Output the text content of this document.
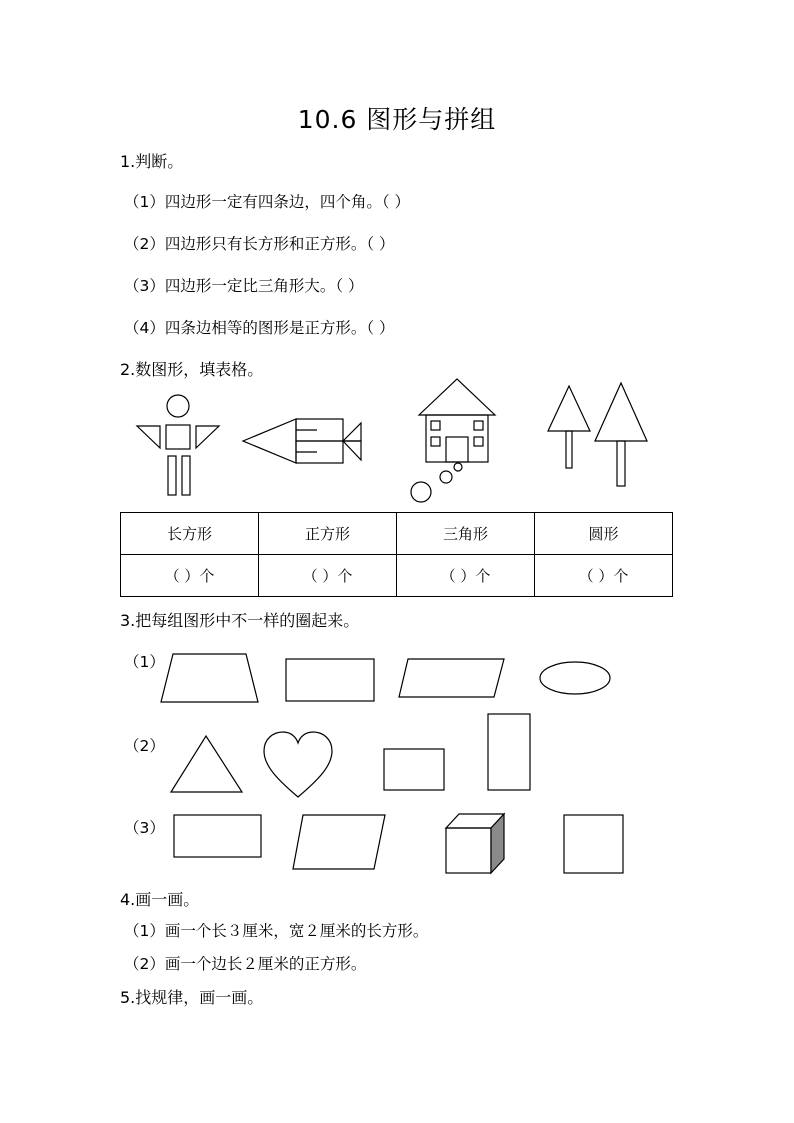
10.6 图形与拼组
1.判断。
（1）四边形一定有四条边，四个角。（ ）
（2）四边形只有长方形和正方形。（ ）
（3）四边形一定比三角形大。（ ）
（4）四条边相等的图形是正方形。（ ）
2.数图形，填表格。
长方形	正方形	三角形	圆形
（ ）个	（ ）个	（ ）个	（ ）个
3.把每组图形中不一样的圈起来。
（1）
（2）
（3）
4.画一画。
（1）画一个长３厘米，宽２厘米的长方形。
（2）画一个边长２厘米的正方形。
5.找规律，画一画。
